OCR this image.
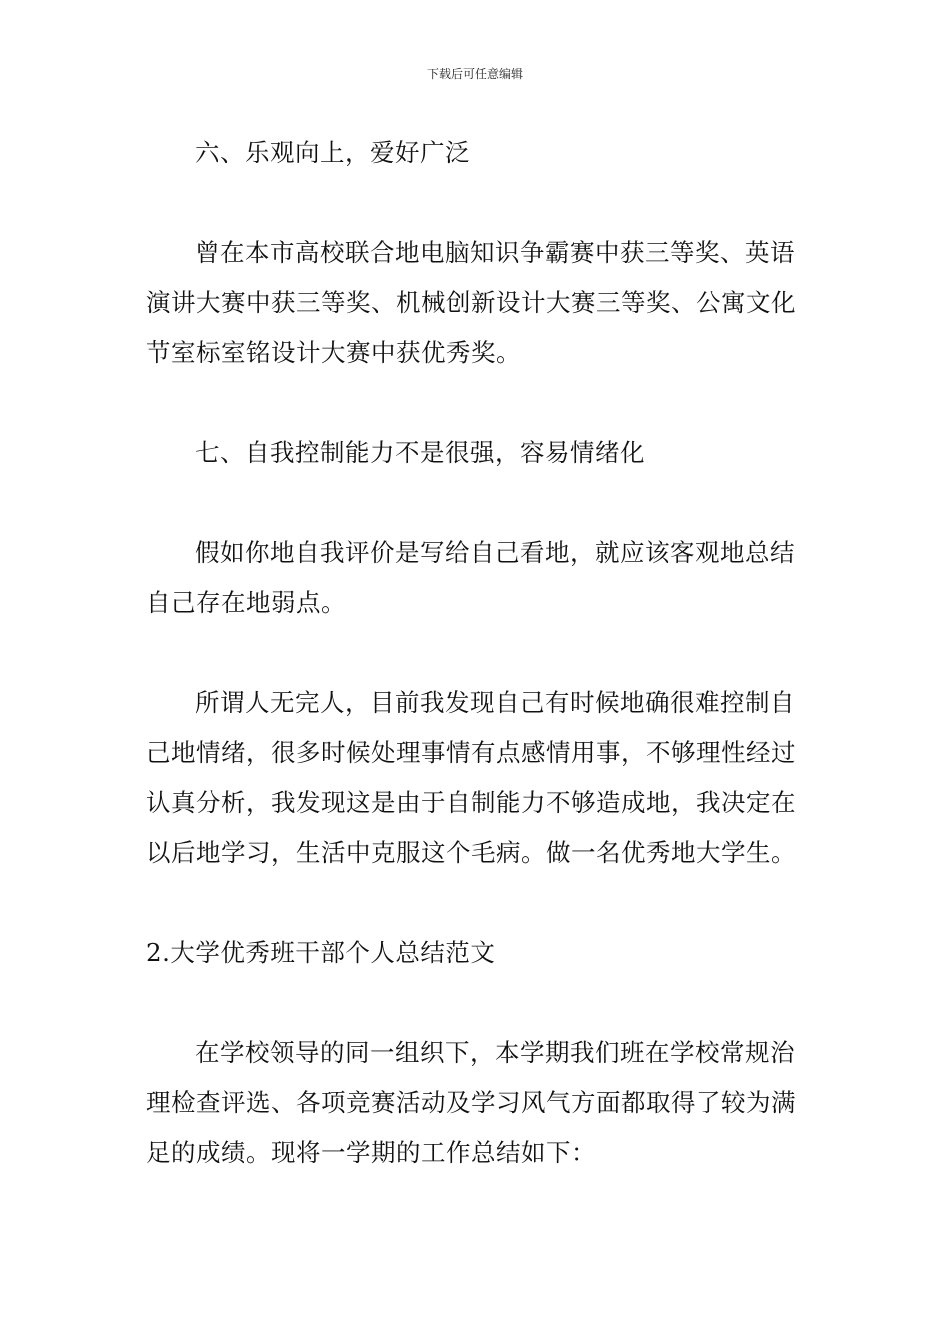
下载后可任意编辑

六、乐观向上，爱好广泛

曾在本市高校联合地电脑知识争霸赛中获三等奖、英语演讲大赛中获三等奖、机械创新设计大赛三等奖、公寓文化节室标室铭设计大赛中获优秀奖。

七、自我控制能力不是很强，容易情绪化

假如你地自我评价是写给自己看地，就应该客观地总结自己存在地弱点。

所谓人无完人，目前我发现自己有时候地确很难控制自己地情绪，很多时候处理事情有点感情用事，不够理性经过认真分析，我发现这是由于自制能力不够造成地，我决定在以后地学习，生活中克服这个毛病。做一名优秀地大学生。

2.大学优秀班干部个人总结范文

在学校领导的同一组织下，本学期我们班在学校常规治理检查评选、各项竞赛活动及学习风气方面都取得了较为满足的成绩。现将一学期的工作总结如下：
